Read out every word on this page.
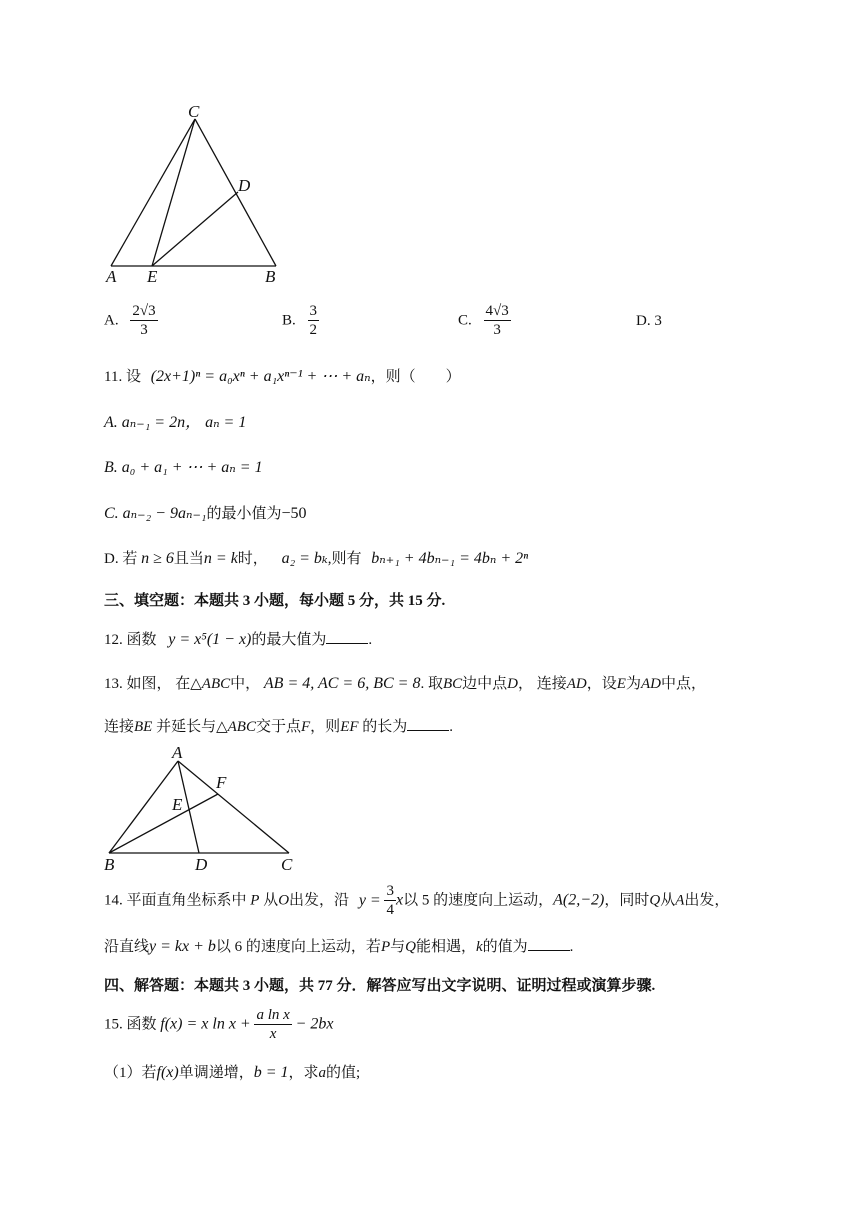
C
D
A E	B
A. $\frac{2√3}{3}$	B. $\frac{3}{2}$	C. $\frac{4√3}{3}$	D. 3
11. 设 (2x+1)ⁿ = a₀xⁿ + a₁xⁿ⁻¹ + ⋯ + aₙ，则（　　）
A. aₙ₋₁ = 2n， aₙ = 1
B. a₀ + a₁ + ⋯ + aₙ = 1
C. aₙ₋₂ − 9aₙ₋₁的最小值为−50
D. 若 n ≥ 6且当n = k时， a₂ = bₖ,则有 bₙ₊₁ + 4bₙ₋₁ = 4bₙ + 2ⁿ
三、填空题：本题共 3 小题，每小题 5 分，共 15 分.
12. 函数 y = x⁵(1 − x)的最大值为	.
13. 如图， 在△ABC中， AB = 4, AC = 6, BC = 8. 取BC边中点D， 连接AD，设E为AD中点，
连接BE 并延长与△ABC交于点F，则EF 的长为	.
A
F
E
B	D	C
14. 平面直角坐标系中 P 从O出发，沿 $y = \frac{3}{4}$ x以 5 的速度向上运动，A(2,−2)，同时Q从A出发，
沿直线y = kx + b以 6 的速度向上运动，若P与Q能相遇，k的值为	.
四、解答题：本题共 3 小题，共 77 分．解答应写出文字说明、证明过程或演算步骤.
15. 函数 f(x) = x $\ln x + \frac{\text{a ln x}}{x} - 2bx$
（1）若f(x)单调递增，b = 1，求a的值;
